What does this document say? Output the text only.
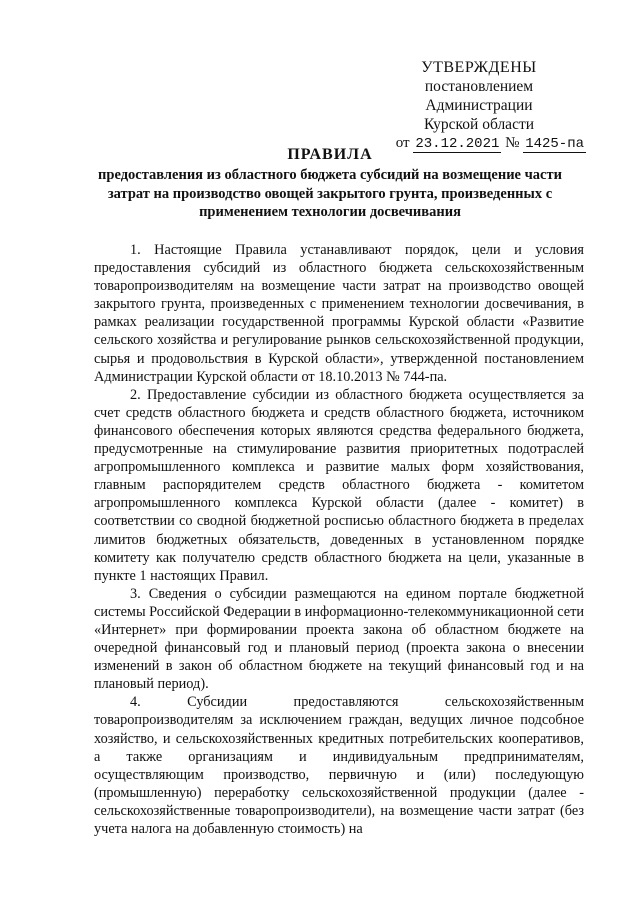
УТВЕРЖДЕНЫ
постановлением Администрации
Курской области
от 23.12.2021 № 1425-па
ПРАВИЛА
предоставления из областного бюджета субсидий на возмещение части затрат на производство овощей закрытого грунта, произведенных с применением технологии досвечивания

1. Настоящие Правила устанавливают порядок, цели и условия предоставления субсидий из областного бюджета сельскохозяйственным товаропроизводителям на возмещение части затрат на производство овощей закрытого грунта, произведенных с применением технологии досвечивания, в рамках реализации государственной программы Курской области «Развитие сельского хозяйства и регулирование рынков сельскохозяйственной продукции, сырья и продовольствия в Курской области», утвержденной постановлением Администрации Курской области от 18.10.2013 № 744-па.

2. Предоставление субсидии из областного бюджета осуществляется за счет средств областного бюджета и средств областного бюджета, источником финансового обеспечения которых являются средства федерального бюджета, предусмотренные на стимулирование развития приоритетных подотраслей агропромышленного комплекса и развитие малых форм хозяйствования, главным распорядителем средств областного бюджета - комитетом агропромышленного комплекса Курской области (далее - комитет) в соответствии со сводной бюджетной росписью областного бюджета в пределах лимитов бюджетных обязательств, доведенных в установленном порядке комитету как получателю средств областного бюджета на цели, указанные в пункте 1 настоящих Правил.

3. Сведения о субсидии размещаются на едином портале бюджетной системы Российской Федерации в информационно-телекоммуникационной сети «Интернет» при формировании проекта закона об областном бюджете на очередной финансовый год и плановый период (проекта закона о внесении изменений в закон об областном бюджете на текущий финансовый год и на плановый период).

4. Субсидии предоставляются сельскохозяйственным товаропроизводителям за исключением граждан, ведущих личное подсобное хозяйство, и сельскохозяйственных кредитных потребительских кооперативов, а также организациям и индивидуальным предпринимателям, осуществляющим производство, первичную и (или) последующую (промышленную) переработку сельскохозяйственной продукции (далее - сельскохозяйственные товаропроизводители), на возмещение части затрат (без учета налога на добавленную стоимость) на
